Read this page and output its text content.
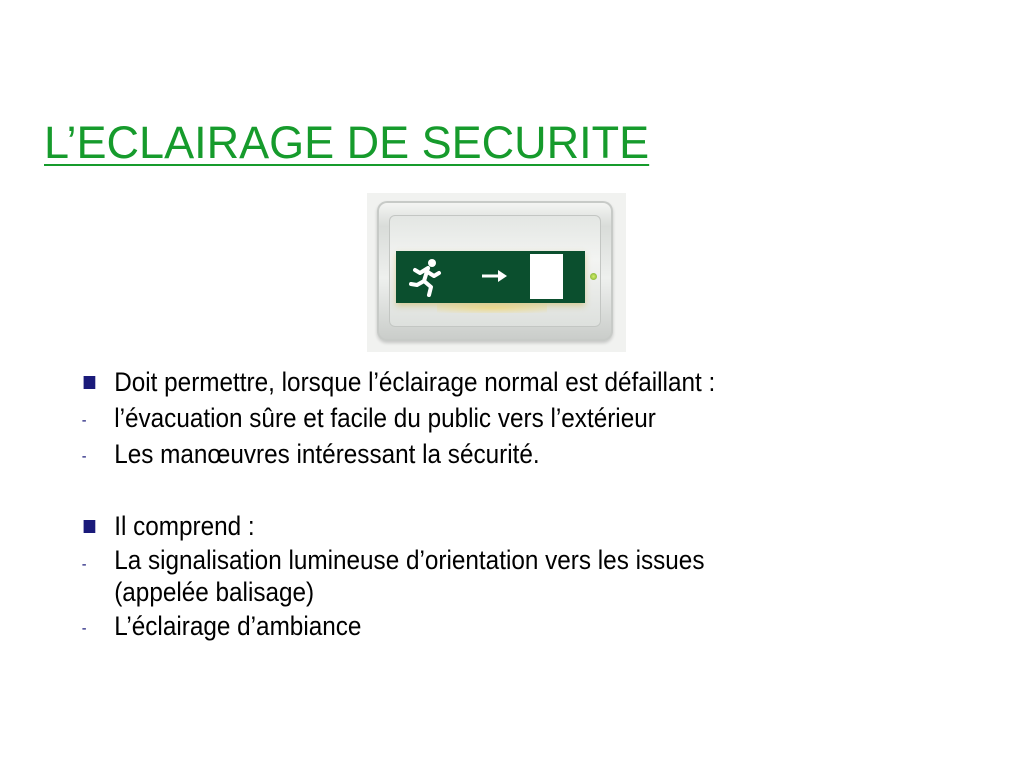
L’ECLAIRAGE DE SECURITE
Doit permettre, lorsque l’éclairage normal est défaillant :
- l’évacuation sûre et facile du public vers l’extérieur
- Les manœuvres intéressant la sécurité.
Il comprend :
- La signalisation lumineuse d’orientation vers les issues
(appelée balisage)
- L’éclairage d’ambiance
